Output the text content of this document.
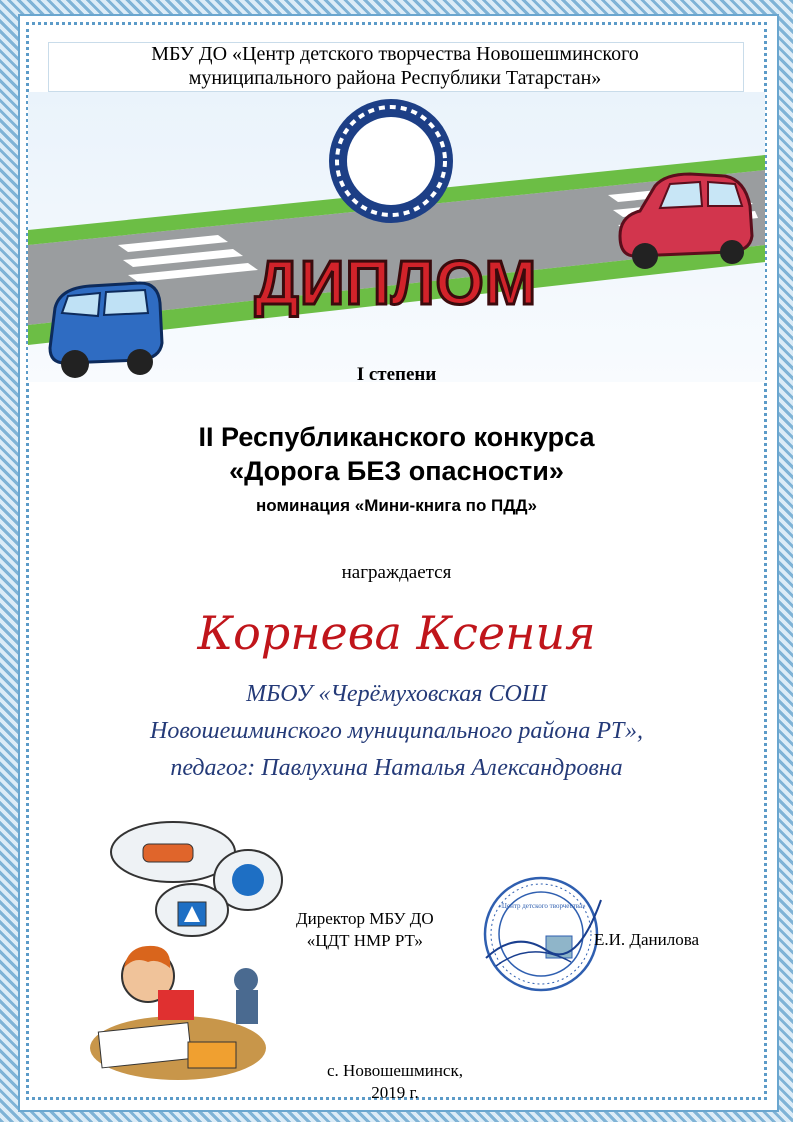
ДИПЛОМ
МБУ ДО «Центр детского творчества Новошешминского
муниципального района Республики Татарстан»
I степени
II Республиканского конкурса
«Дорога БЕЗ опасности»
номинация «Мини-книга по ПДД»
награждается
Корнева Ксения
МБОУ «Черёмуховская СОШ
Новошешминского муниципального района РТ»,
педагог: Павлухина Наталья Александровна
Директор МБУ ДО
«ЦДТ НМР РТ»
«Центр детского творчества»
Е.И. Данилова
с. Новошешминск,
2019 г.
